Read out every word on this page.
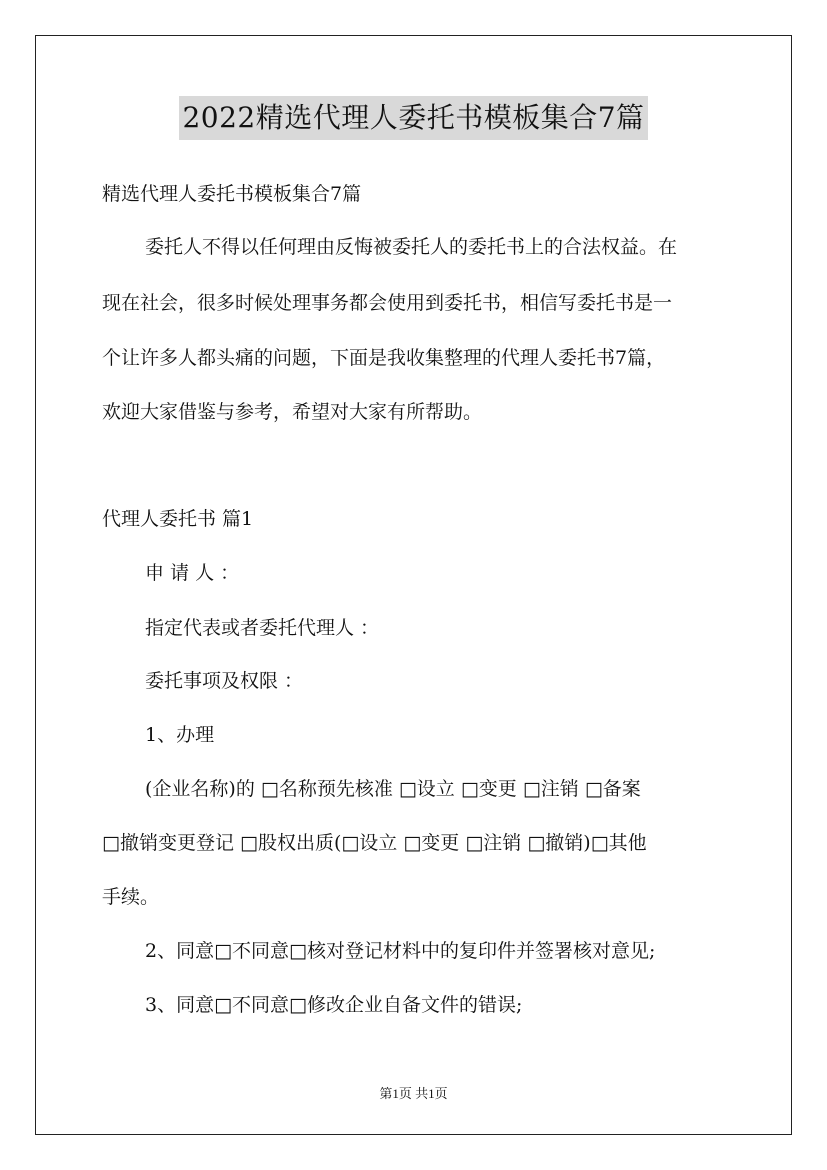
2022精选代理人委托书模板集合7篇
精选代理人委托书模板集合7篇
委托人不得以任何理由反悔被委托人的委托书上的合法权益。在
现在社会，很多时候处理事务都会使用到委托书，相信写委托书是一
个让许多人都头痛的问题，下面是我收集整理的代理人委托书7篇，
欢迎大家借鉴与参考，希望对大家有所帮助。
代理人委托书 篇1
申 请 人 ：
指定代表或者委托代理人 ：
委托事项及权限 ：
1、办理
(企业名称)的 □名称预先核准 □设立 □变更 □注销 □备案
□撤销变更登记 □股权出质(□设立 □变更 □注销 □撤销)□其他
手续。
2、同意□不同意□核对登记材料中的复印件并签署核对意见;
3、同意□不同意□修改企业自备文件的错误;
第1页 共1页
